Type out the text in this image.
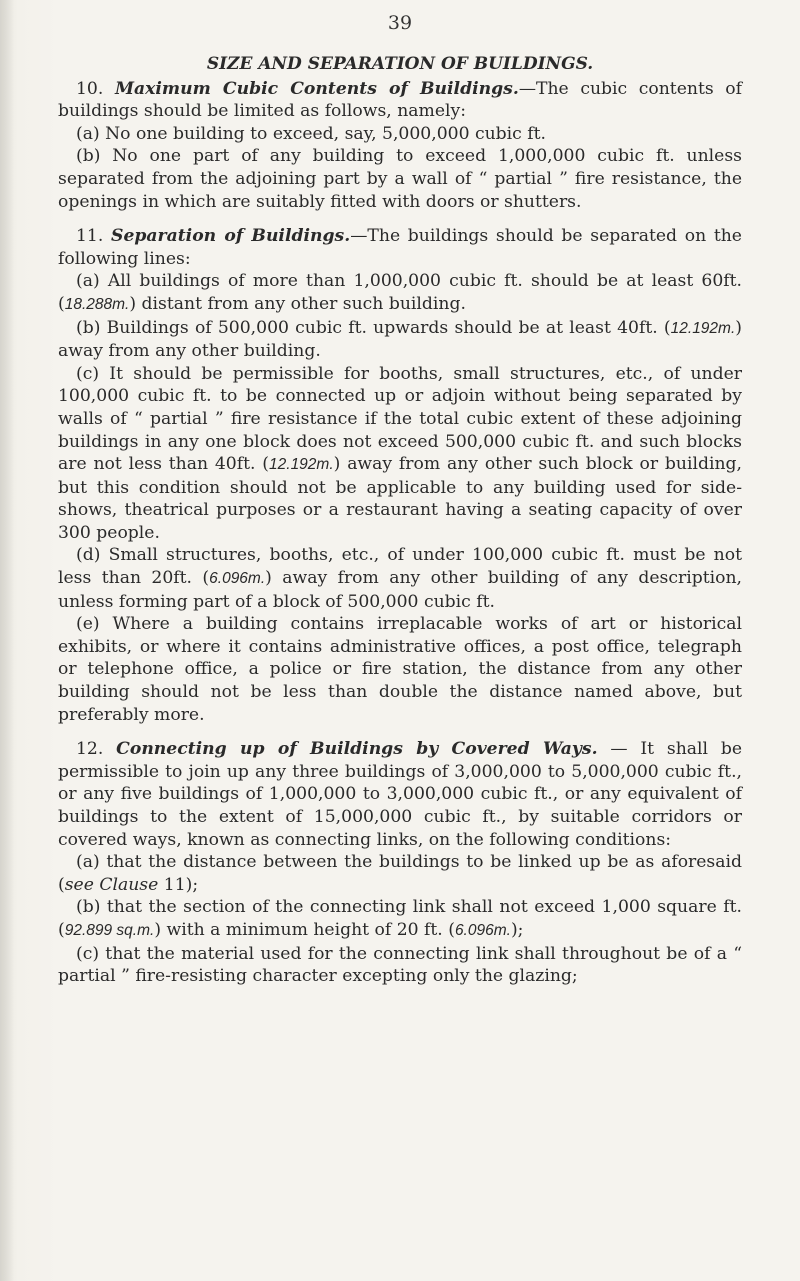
39
SIZE AND SEPARATION OF BUILDINGS.

10. Maximum Cubic Contents of Buildings.—The cubic contents of buildings should be limited as follows, namely:

(a) No one building to exceed, say, 5,000,000 cubic ft.

(b) No one part of any building to exceed 1,000,000 cubic ft. unless separated from the adjoining part by a wall of “ partial ” fire resistance, the openings in which are suitably fitted with doors or shutters.

11. Separation of Buildings.—The buildings should be separated on the following lines:

(a) All buildings of more than 1,000,000 cubic ft. should be at least 60ft. (18.288m.) distant from any other such building.

(b) Buildings of 500,000 cubic ft. upwards should be at least 40ft. (12.192m.) away from any other building.

(c) It should be permissible for booths, small structures, etc., of under 100,000 cubic ft. to be connected up or adjoin without being separated by walls of “ partial ” fire resistance if the total cubic extent of these adjoining buildings in any one block does not exceed 500,000 cubic ft. and such blocks are not less than 40ft. (12.192m.) away from any other such block or building, but this condition should not be applicable to any building used for side-shows, theatrical purposes or a restaurant having a seating capacity of over 300 people.

(d) Small structures, booths, etc., of under 100,000 cubic ft. must be not less than 20ft. (6.096m.) away from any other building of any description, unless forming part of a block of 500,000 cubic ft.

(e) Where a building contains irreplacable works of art or historical exhibits, or where it contains administrative offices, a post office, telegraph or telephone office, a police or fire station, the distance from any other building should not be less than double the distance named above, but preferably more.

12. Connecting up of Buildings by Covered Ways. — It shall be permissible to join up any three buildings of 3,000,000 to 5,000,000 cubic ft., or any five buildings of 1,000,000 to 3,000,000 cubic ft., or any equivalent of buildings to the extent of 15,000,000 cubic ft., by suitable corridors or covered ways, known as connecting links, on the following conditions:

(a) that the distance between the buildings to be linked up be as aforesaid (see Clause 11);

(b) that the section of the connecting link shall not exceed 1,000 square ft. (92.899 sq.m.) with a minimum height of 20 ft. (6.096m.);

(c) that the material used for the connecting link shall throughout be of a “ partial ” fire-resisting character excepting only the glazing;
